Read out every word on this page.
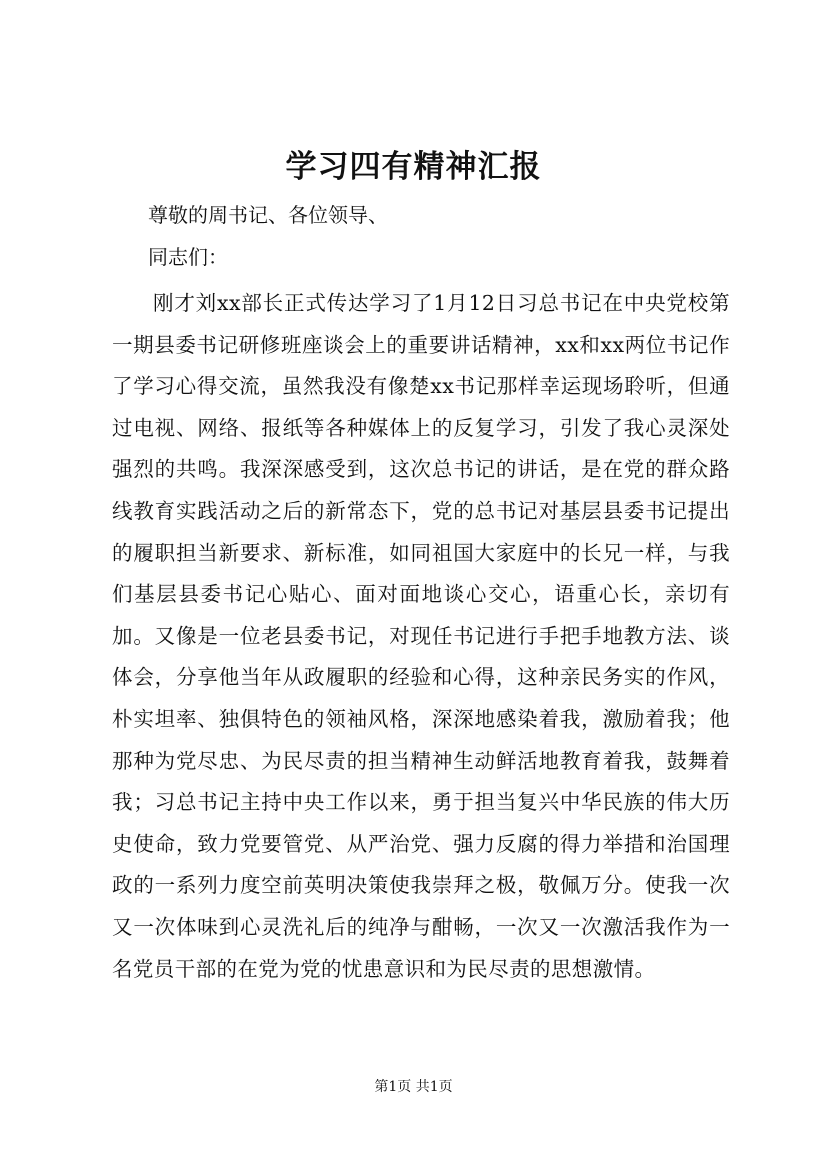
学习四有精神汇报

尊敬的周书记、各位领导、

同志们：

刚才刘xx部长正式传达学习了1月12日习总书记在中央党校第一期县委书记研修班座谈会上的重要讲话精神，xx和xx两位书记作了学习心得交流，虽然我没有像楚xx书记那样幸运现场聆听，但通过电视、网络、报纸等各种媒体上的反复学习，引发了我心灵深处强烈的共鸣。我深深感受到，这次总书记的讲话，是在党的群众路线教育实践活动之后的新常态下，党的总书记对基层县委书记提出的履职担当新要求、新标准，如同祖国大家庭中的长兄一样，与我们基层县委书记心贴心、面对面地谈心交心，语重心长，亲切有加。又像是一位老县委书记，对现任书记进行手把手地教方法、谈体会，分享他当年从政履职的经验和心得，这种亲民务实的作风，朴实坦率、独俱特色的领袖风格，深深地感染着我，激励着我；他那种为党尽忠、为民尽责的担当精神生动鲜活地教育着我，鼓舞着我；习总书记主持中央工作以来，勇于担当复兴中华民族的伟大历史使命，致力党要管党、从严治党、强力反腐的得力举措和治国理政的一系列力度空前英明决策使我崇拜之极，敬佩万分。使我一次又一次体味到心灵洗礼后的纯净与酣畅，一次又一次激活我作为一名党员干部的在党为党的忧患意识和为民尽责的思想激情。

第1页 共1页
